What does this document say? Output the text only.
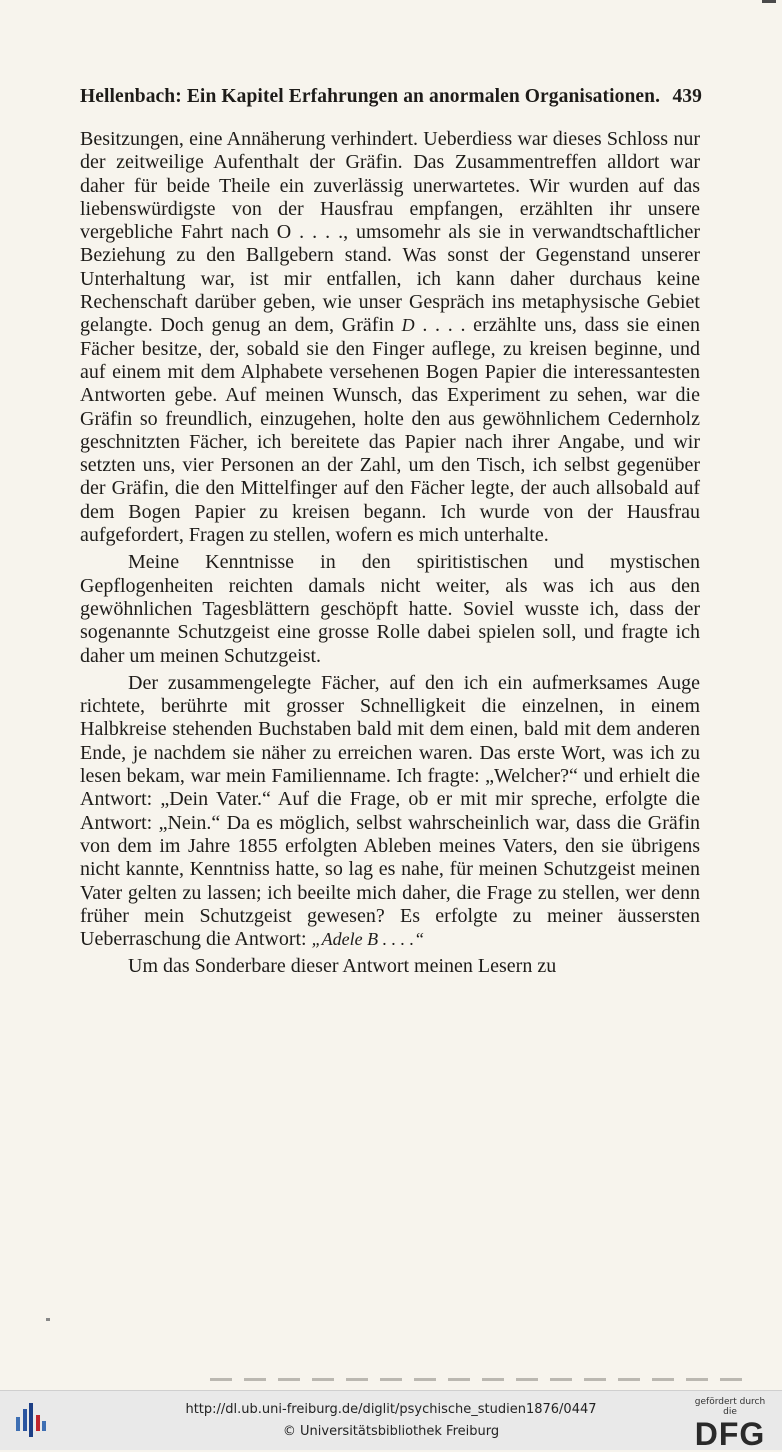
Hellenbach: Ein Kapitel Erfahrungen an anormalen Organisationen. 439

Besitzungen, eine Annäherung verhindert. Ueberdiess war dieses Schloss nur der zeitweilige Aufenthalt der Gräfin. Das Zusammentreffen alldort war daher für beide Theile ein zuverlässig unerwartetes. Wir wurden auf das liebenswürdigste von der Hausfrau empfangen, erzählten ihr unsere vergebliche Fahrt nach O . . . ., umsomehr als sie in verwandtschaftlicher Beziehung zu den Ballgebern stand. Was sonst der Gegenstand unserer Unterhaltung war, ist mir entfallen, ich kann daher durchaus keine Rechenschaft darüber geben, wie unser Gespräch ins metaphysische Gebiet gelangte. Doch genug an dem, Gräfin D . . . . erzählte uns, dass sie einen Fächer besitze, der, sobald sie den Finger auflege, zu kreisen beginne, und auf einem mit dem Alphabete versehenen Bogen Papier die interessantesten Antworten gebe. Auf meinen Wunsch, das Experiment zu sehen, war die Gräfin so freundlich, einzugehen, holte den aus gewöhnlichem Cedernholz geschnitzten Fächer, ich bereitete das Papier nach ihrer Angabe, und wir setzten uns, vier Personen an der Zahl, um den Tisch, ich selbst gegenüber der Gräfin, die den Mittelfinger auf den Fächer legte, der auch allsobald auf dem Bogen Papier zu kreisen begann. Ich wurde von der Hausfrau aufgefordert, Fragen zu stellen, wofern es mich unterhalte.

Meine Kenntnisse in den spiritistischen und mystischen Gepflogenheiten reichten damals nicht weiter, als was ich aus den gewöhnlichen Tagesblättern geschöpft hatte. Soviel wusste ich, dass der sogenannte Schutzgeist eine grosse Rolle dabei spielen soll, und fragte ich daher um meinen Schutzgeist.

Der zusammengelegte Fächer, auf den ich ein aufmerksames Auge richtete, berührte mit grosser Schnelligkeit die einzelnen, in einem Halbkreise stehenden Buchstaben bald mit dem einen, bald mit dem anderen Ende, je nachdem sie näher zu erreichen waren. Das erste Wort, was ich zu lesen bekam, war mein Familienname. Ich fragte: „Welcher?“ und erhielt die Antwort: „Dein Vater.“ Auf die Frage, ob er mit mir spreche, erfolgte die Antwort: „Nein.“ Da es möglich, selbst wahrscheinlich war, dass die Gräfin von dem im Jahre 1855 erfolgten Ableben meines Vaters, den sie übrigens nicht kannte, Kenntniss hatte, so lag es nahe, für meinen Schutzgeist meinen Vater gelten zu lassen; ich beeilte mich daher, die Frage zu stellen, wer denn früher mein Schutzgeist gewesen? Es erfolgte zu meiner äussersten Ueberraschung die Antwort: „Adele B . . . .“

Um das Sonderbare dieser Antwort meinen Lesern zu

http://dl.ub.uni-freiburg.de/diglit/psychische_studien1876/0447
© Universitätsbibliothek Freiburg
gefördert durch die
DFG
